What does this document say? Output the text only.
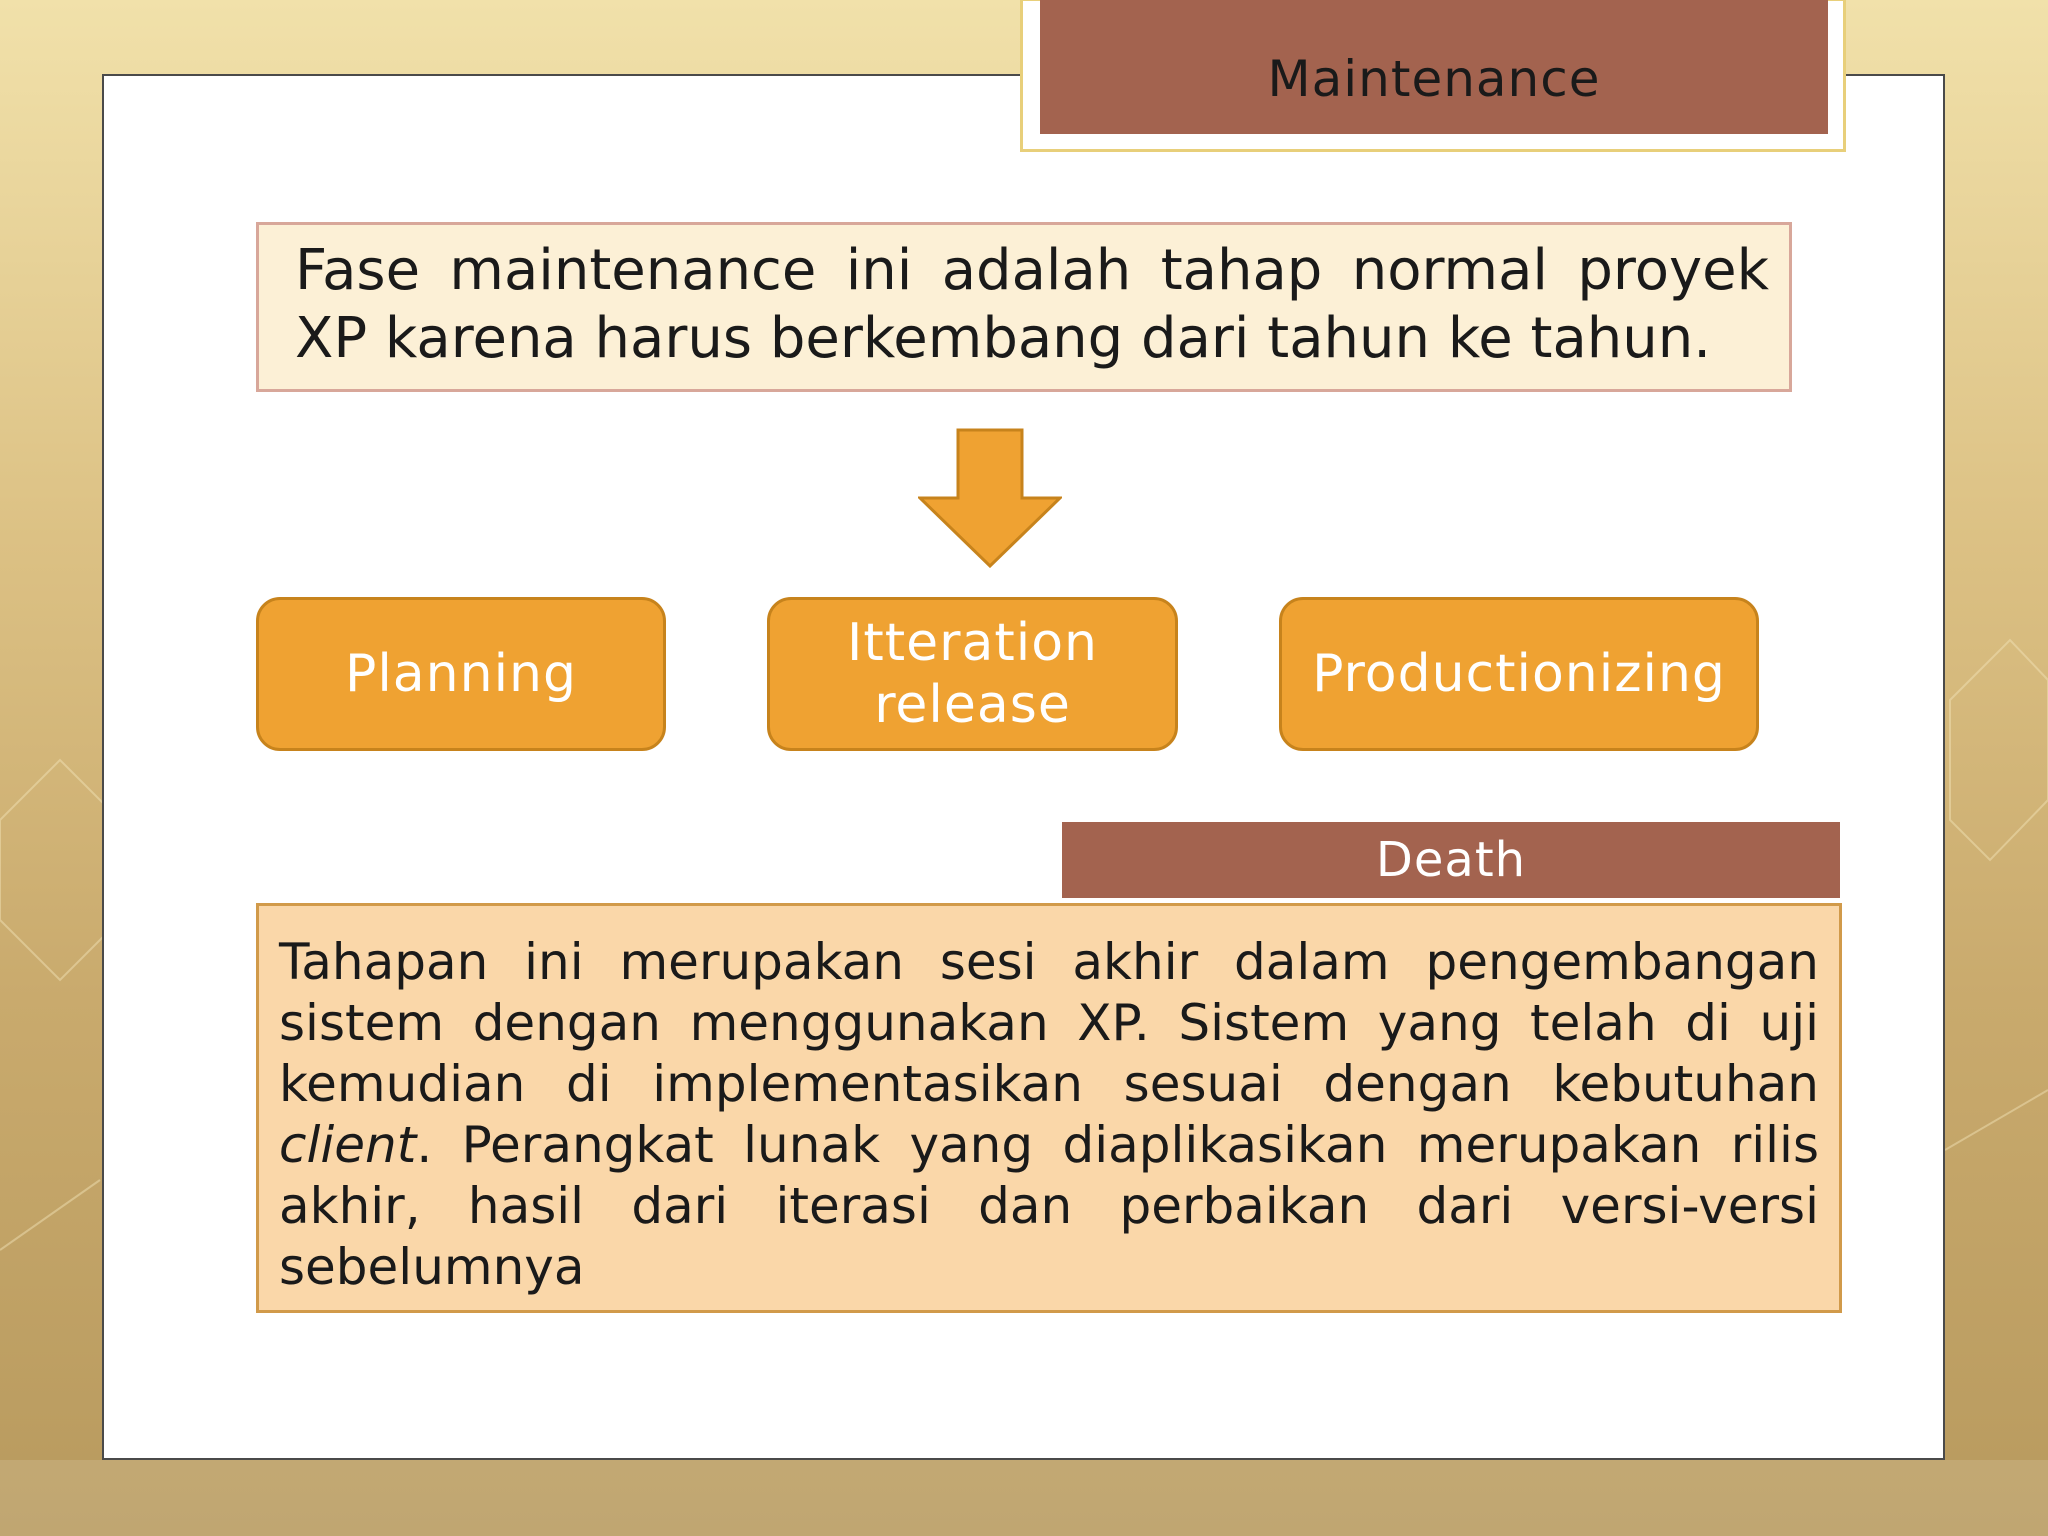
Maintenance
Fase maintenance ini adalah tahap normal proyek XP karena harus berkembang dari tahun ke tahun.
Planning
Itteration release
Productionizing
Death

Tahapan ini merupakan sesi akhir dalam pengembangan sistem dengan menggunakan XP. Sistem yang telah di uji kemudian di implementasikan sesuai dengan kebutuhan client. Perangkat lunak yang diaplikasikan merupakan rilis akhir, hasil dari iterasi dan perbaikan dari versi-versi sebelumnya
